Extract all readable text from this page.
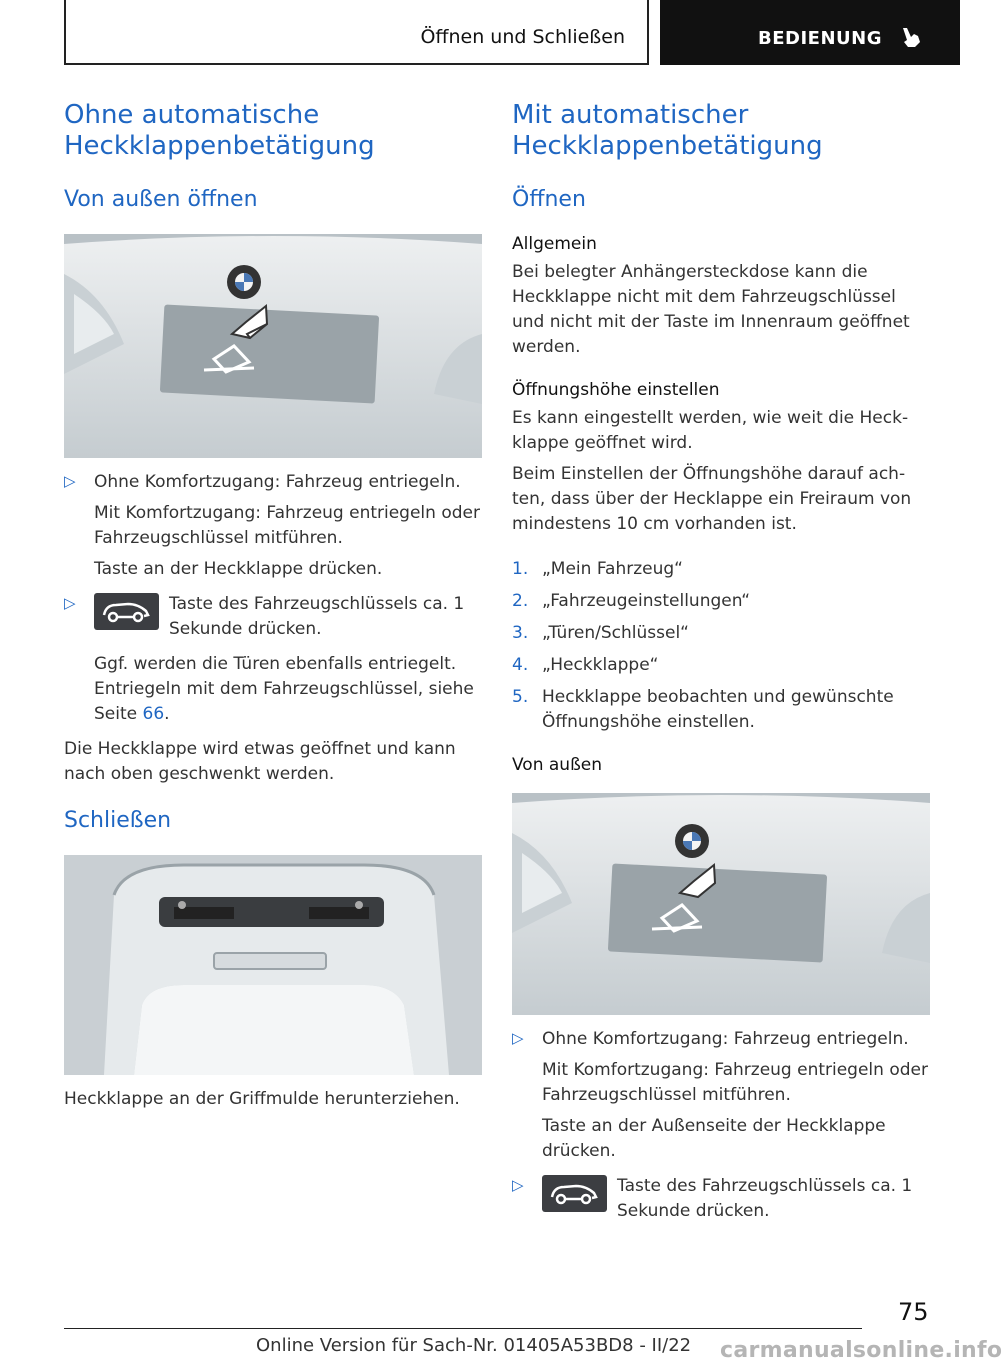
Öffnen und Schließen	BEDIENUNG
Ohne automatische Heckklappenbetätigung
Von außen öffnen
▷ Ohne Komfortzugang: Fahrzeug entriegeln.

Mit Komfortzugang: Fahrzeug entriegeln oder Fahrzeugschlüssel mitführen.

Taste an der Heckklappe drücken.

▷	Taste des Fahrzeugschlüssels ca. 1 Sekunde drücken.

Ggf. werden die Türen ebenfalls entriegelt. Entriegeln mit dem Fahrzeugschlüssel, siehe Seite 66.

Die Heckklappe wird etwas geöffnet und kann nach oben geschwenkt werden.

Schließen

Heckklappe an der Griffmulde herunterziehen.

Mit automatischer Heckklappenbetätigung
Öffnen
Allgemein

Bei belegter Anhängersteckdose kann die Heckklappe nicht mit dem Fahrzeugschlüssel und nicht mit der Taste im Innenraum geöffnet werden.

Öffnungshöhe einstellen

Es kann eingestellt werden, wie weit die Heck-klappe geöffnet wird.

Beim Einstellen der Öffnungshöhe darauf ach-ten, dass über der Hecklappe ein Freiraum von mindestens 10 cm vorhanden ist.

1. „Mein Fahrzeug“

2. „Fahrzeugeinstellungen“

3. „Türen/Schlüssel“

4. „Heckklappe“

5. Heckklappe beobachten und gewünschte Öffnungshöhe einstellen.

Von außen
▷ Ohne Komfortzugang: Fahrzeug entriegeln.

Mit Komfortzugang: Fahrzeug entriegeln oder Fahrzeugschlüssel mitführen.

Taste an der Außenseite der Heckklappe drücken.

▷	Taste des Fahrzeugschlüssels ca. 1 Sekunde drücken.

75
Online Version für Sach-Nr. 01405A53BD8 - II/22 carmanualsonline.info
